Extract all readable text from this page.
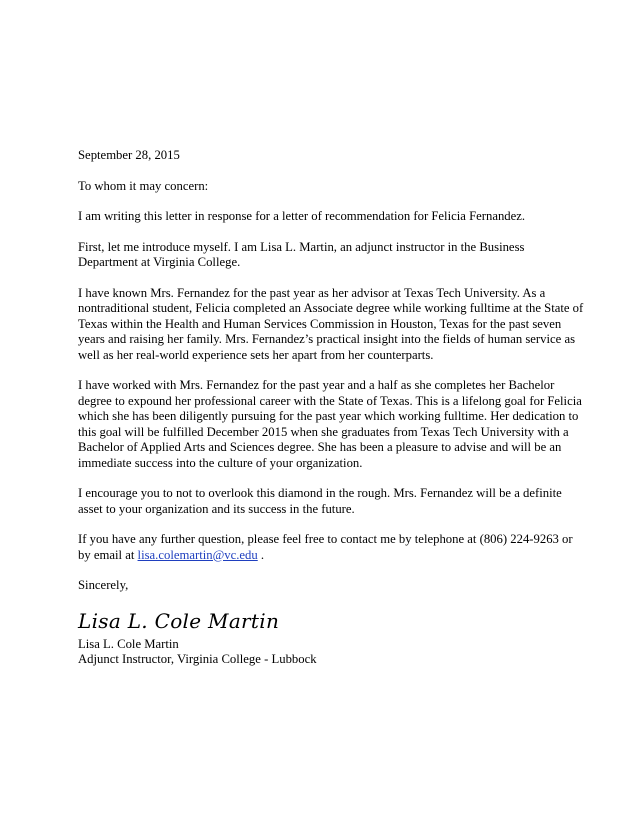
September 28, 2015

To whom it may concern:

I am writing this letter in response for a letter of recommendation for Felicia Fernandez.

First, let me introduce myself. I am Lisa L. Martin, an adjunct instructor in the Business
Department at Virginia College.

I have known Mrs. Fernandez for the past year as her advisor at Texas Tech University. As a
nontraditional student, Felicia completed an Associate degree while working fulltime at the State of
Texas within the Health and Human Services Commission in Houston, Texas for the past seven
years and raising her family. Mrs. Fernandez’s practical insight into the fields of human service as
well as her real-world experience sets her apart from her counterparts.

I have worked with Mrs. Fernandez for the past year and a half as she completes her Bachelor
degree to expound her professional career with the State of Texas. This is a lifelong goal for Felicia
which she has been diligently pursuing for the past year which working fulltime. Her dedication to
this goal will be fulfilled December 2015 when she graduates from Texas Tech University with a
Bachelor of Applied Arts and Sciences degree. She has been a pleasure to advise and will be an
immediate success into the culture of your organization.

I encourage you to not to overlook this diamond in the rough. Mrs. Fernandez will be a definite
asset to your organization and its success in the future.

If you have any further question, please feel free to contact me by telephone at (806) 224-9263 or
by email at lisa.colemartin@vc.edu .

Sincerely,

Lisa L. Cole Martin
Lisa L. Cole Martin
Adjunct Instructor, Virginia College - Lubbock
